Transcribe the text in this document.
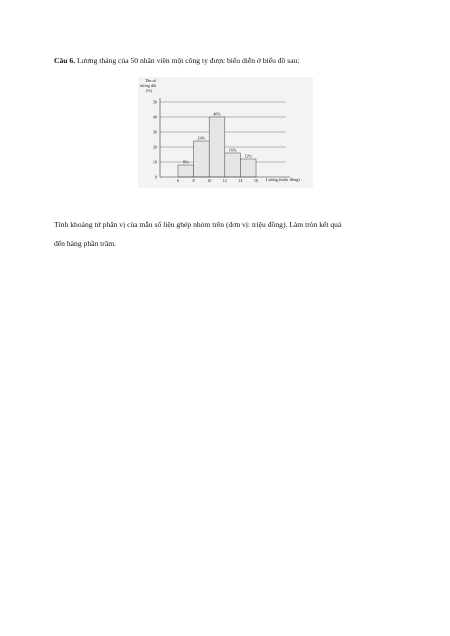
Câu 6. Lương tháng của 50 nhân viên một công ty được biểu diễn ở biểu đồ sau:
Tần số
tương đối
(%)
8%
24%
40%
16%
12%
0
10
20
30
40
50
6	8	10	12	14	16 Lương (triệu đồng)

Tính khoảng tứ phân vị của mẫu số liệu ghép nhóm trên (đơn vị: triệu đồng). Làm tròn kết quả

đến hàng phần trăm.
